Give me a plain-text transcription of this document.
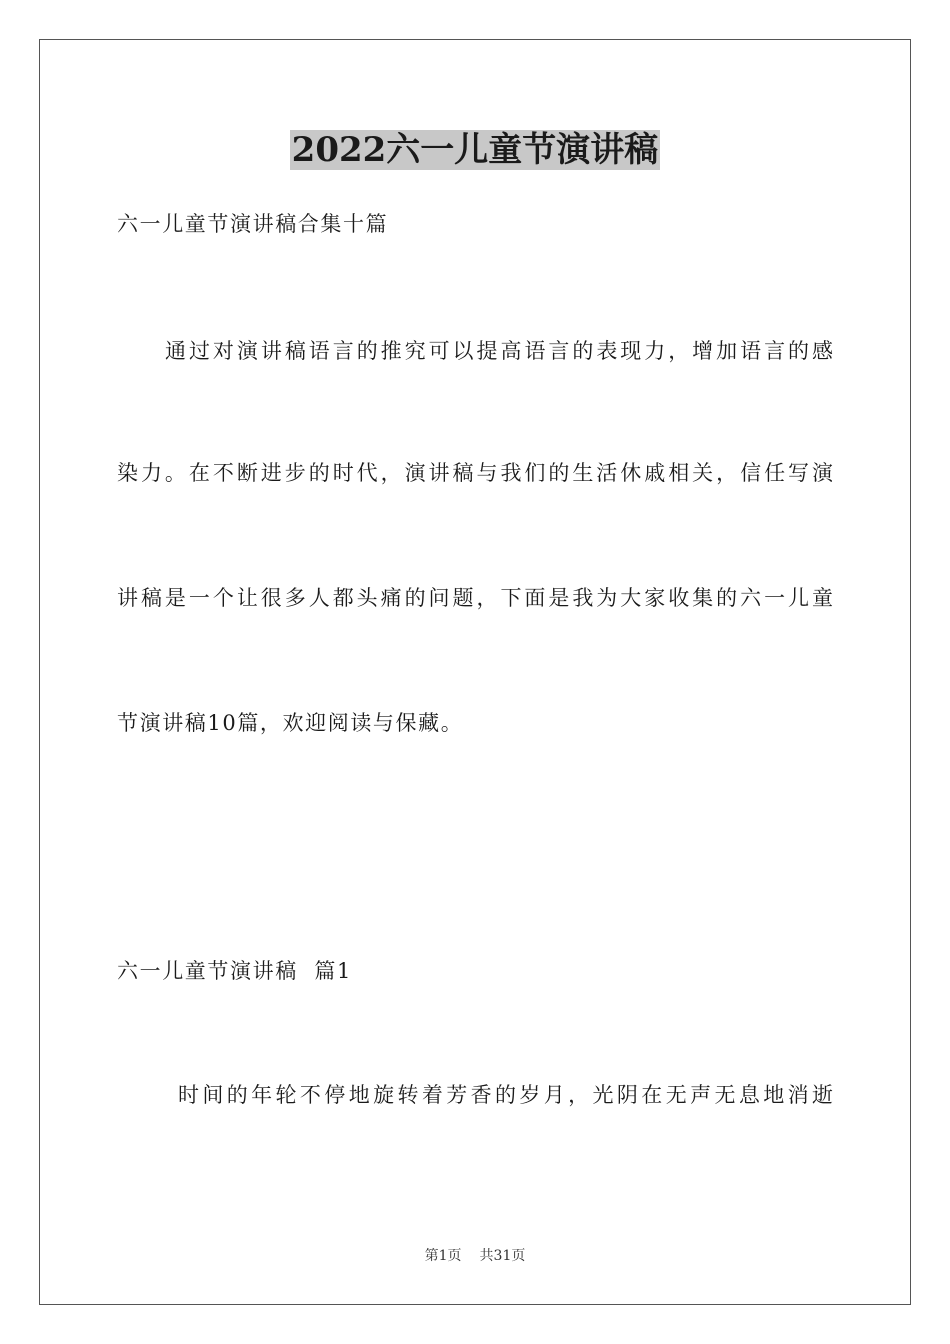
2022六一儿童节演讲稿
六一儿童节演讲稿合集十篇
通过对演讲稿语言的推究可以提高语言的表现力，增加语言的感
染力。在不断进步的时代，演讲稿与我们的生活休戚相关，信任写演
讲稿是一个让很多人都头痛的问题，下面是我为大家收集的六一儿童
节演讲稿10篇，欢迎阅读与保藏。
六一儿童节演讲稿  篇1
时间的年轮不停地旋转着芳香的岁月，光阴在无声无息地消逝
第1页 共31页
